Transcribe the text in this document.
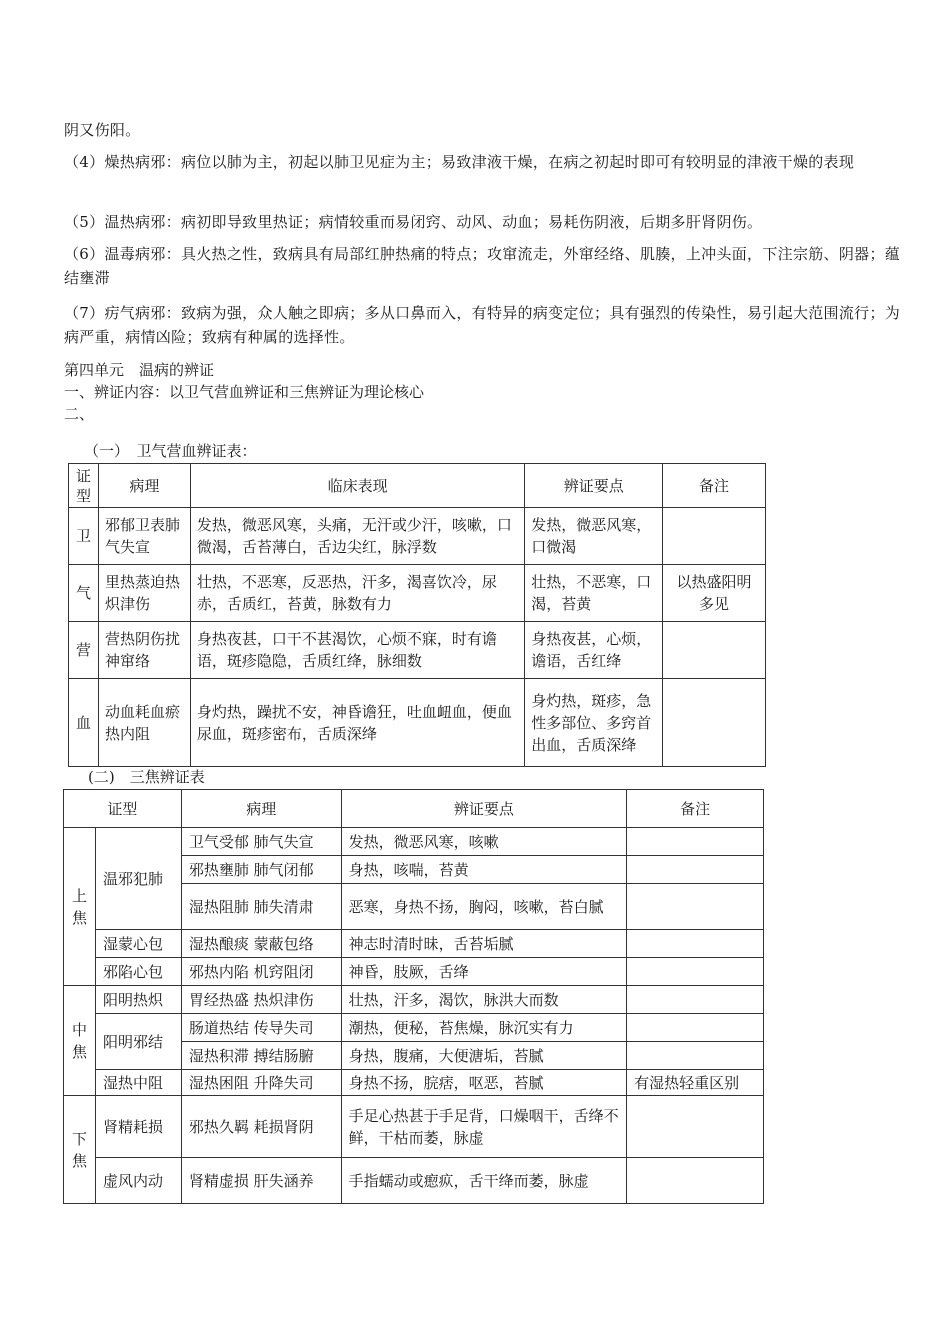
阴又伤阳。
（4）燥热病邪：病位以肺为主，初起以肺卫见症为主；易致津液干燥，在病之初起时即可有较明显的津液干燥的表现
（5）温热病邪：病初即导致里热证；病情较重而易闭窍、动风、动血；易耗伤阴液，后期多肝肾阴伤。
（6）温毒病邪：具火热之性，致病具有局部红肿热痛的特点；攻窜流走，外窜经络、肌腠，上冲头面，下注宗筋、阴器；蕴结壅滞
（7）疠气病邪：致病为强，众人触之即病；多从口鼻而入，有特异的病变定位；具有强烈的传染性，易引起大范围流行；为病严重，病情凶险；致病有种属的选择性。
第四单元　温病的辨证
一、辨证内容：以卫气营血辨证和三焦辨证为理论核心
二、
（一）　卫气营血辨证表：
证型	病理	临床表现	辨证要点	备注
卫	邪郁卫表肺气失宣	发热，微恶风寒，头痛，无汗或少汗，咳嗽，口微渴，舌苔薄白，舌边尖红，脉浮数	发热，微恶风寒，口微渴	
气	里热蒸迫热炽津伤	壮热，不恶寒，反恶热，汗多，渴喜饮冷，尿赤，舌质红，苔黄，脉数有力	壮热，不恶寒，口渴，苔黄	以热盛阳明多见
营	营热阴伤扰神窜络	身热夜甚，口干不甚渴饮，心烦不寐，时有谵语，斑疹隐隐，舌质红绛，脉细数	身热夜甚，心烦，谵语，舌红绛	
血	动血耗血瘀热内阻	身灼热，躁扰不安，神昏谵狂，吐血衄血，便血尿血，斑疹密布，舌质深绛	身灼热，斑疹，急性多部位、多窍首出血，舌质深绛	
(二)　三焦辨证表
证型		病理	辨证要点	备注
上焦	温邪犯肺	卫气受郁 肺气失宣	发热，微恶风寒，咳嗽	
		邪热壅肺 肺气闭郁	身热，咳喘，苔黄	
		湿热阻肺 肺失清肃	恶寒，身热不扬，胸闷，咳嗽，苔白腻	
	湿蒙心包	湿热酿痰 蒙蔽包络	神志时清时昧，舌苔垢腻	
	邪陷心包	邪热内陷 机窍阻闭	神昏，肢厥，舌绛	
中焦	阳明热炽	胃经热盛 热炽津伤	壮热，汗多，渴饮，脉洪大而数	
	阳明邪结	肠道热结 传导失司	潮热，便秘，苔焦燥，脉沉实有力	
		湿热积滞 搏结肠腑	身热，腹痛，大便溏垢，苔腻	
	湿热中阻	湿热困阻 升降失司	身热不扬，脘痞，呕恶，苔腻	有湿热轻重区别
下焦	肾精耗损	邪热久羁 耗损肾阴	手足心热甚于手足背，口燥咽干，舌绛不鲜，干枯而萎，脉虚	
	虚风内动	肾精虚损 肝失涵养	手指蠕动或瘛疭，舌干绛而萎，脉虚	
